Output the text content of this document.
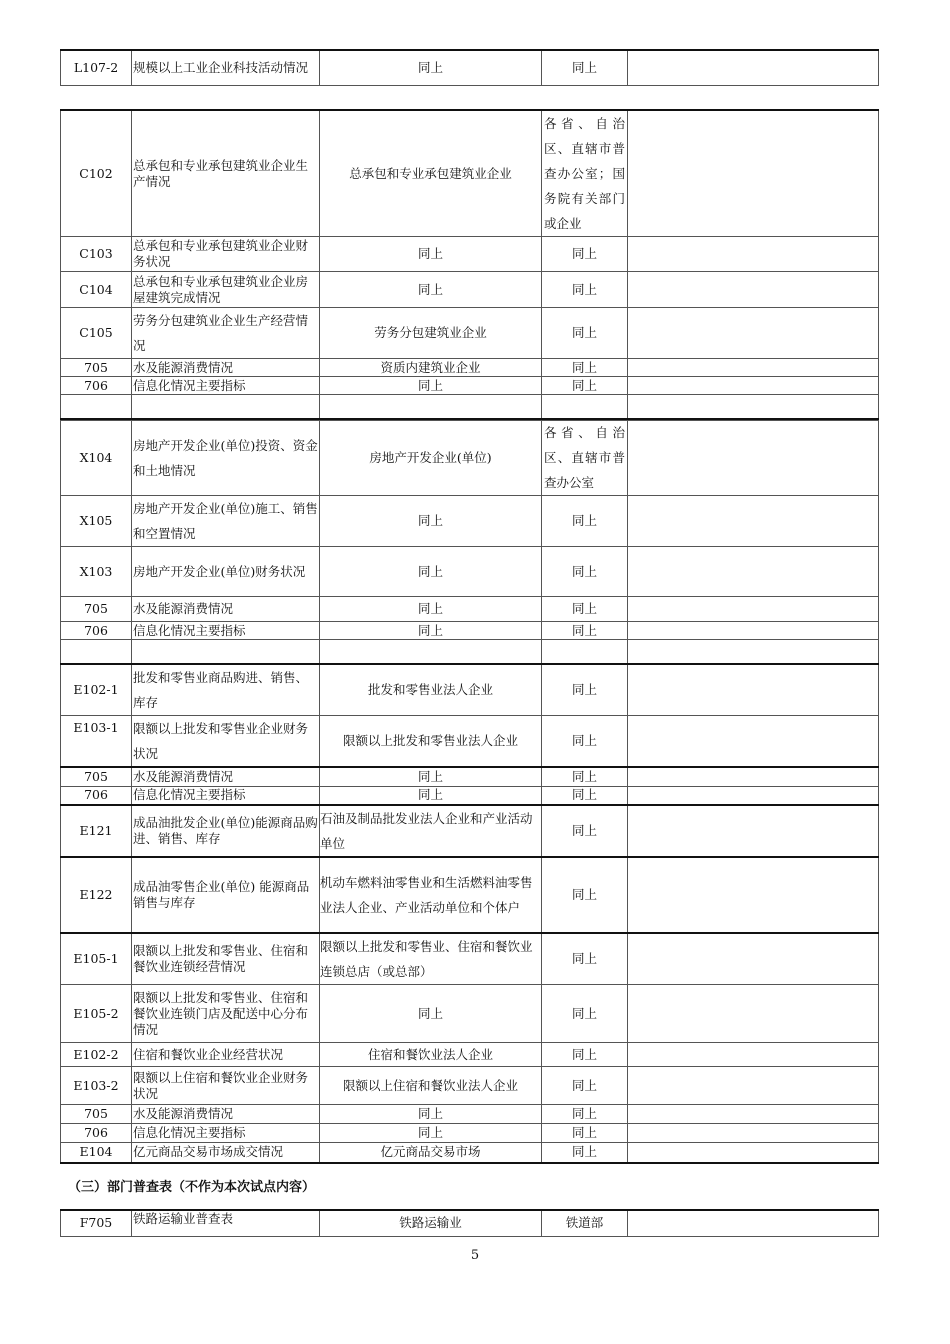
L107-2	规模以上工业企业科技活动情况	同上	同上	
C102	总承包和专业承包建筑业企业生产情况	总承包和专业承包建筑业企业	各省、自治区、直辖市普查办公室；国务院有关部门或企业	
C103	总承包和专业承包建筑业企业财务状况	同上	同上	
C104	总承包和专业承包建筑业企业房屋建筑完成情况	同上	同上	
C105	劳务分包建筑业企业生产经营情况	劳务分包建筑业企业	同上	
705	水及能源消费情况	资质内建筑业企业	同上	
706	信息化情况主要指标	同上	同上	

X104	房地产开发企业(单位)投资、资金和土地情况	房地产开发企业(单位)	各省、自治区、直辖市普查办公室	
X105	房地产开发企业(单位)施工、销售和空置情况	同上	同上	
X103	房地产开发企业(单位)财务状况	同上	同上	
705	水及能源消费情况	同上	同上	
706	信息化情况主要指标	同上	同上	

E102-1	批发和零售业商品购进、销售、库存	批发和零售业法人企业	同上	
E103-1	限额以上批发和零售业企业财务状况	限额以上批发和零售业法人企业	同上	
705	水及能源消费情况	同上	同上	
706	信息化情况主要指标	同上	同上	
E121	成品油批发企业(单位)能源商品购进、销售、库存	石油及制品批发业法人企业和产业活动单位	同上	
E122	成品油零售企业(单位) 能源商品销售与库存	机动车燃料油零售业和生活燃料油零售业法人企业、产业活动单位和个体户	同上	
E105-1	限额以上批发和零售业、住宿和餐饮业连锁经营情况	限额以上批发和零售业、住宿和餐饮业连锁总店（或总部）	同上	
E105-2	限额以上批发和零售业、住宿和餐饮业连锁门店及配送中心分布情况	同上	同上	
E102-2	住宿和餐饮业企业经营状况	住宿和餐饮业法人企业	同上	
E103-2	限额以上住宿和餐饮业企业财务状况	限额以上住宿和餐饮业法人企业	同上	
705	水及能源消费情况	同上	同上	
706	信息化情况主要指标	同上	同上	
E104	亿元商品交易市场成交情况	亿元商品交易市场	同上	
（三）部门普查表（不作为本次试点内容）
F705	铁路运输业普查表	铁路运输业	铁道部	
5
